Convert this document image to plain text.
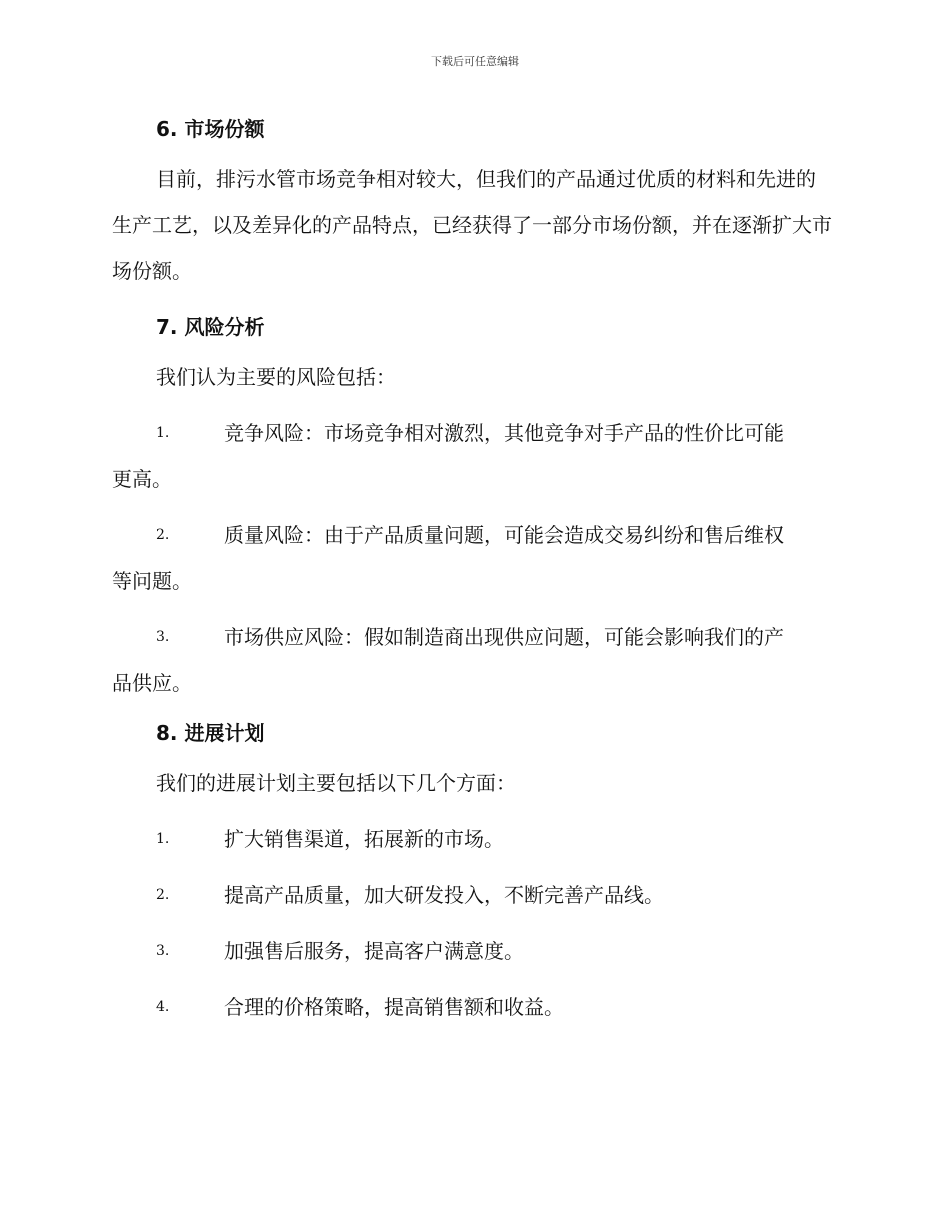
下载后可任意编辑
6. 市场份额

目前，排污水管市场竞争相对较大，但我们的产品通过优质的材料和先进的生产工艺，以及差异化的产品特点，已经获得了一部分市场份额，并在逐渐扩大市场份额。

7. 风险分析

我们认为主要的风险包括：

1.	竞争风险：市场竞争相对激烈，其他竞争对手产品的性价比可能
更高。
2.	质量风险：由于产品质量问题，可能会造成交易纠纷和售后维权
等问题。
3.	市场供应风险：假如制造商出现供应问题，可能会影响我们的产
品供应。
8. 进展计划

我们的进展计划主要包括以下几个方面：

1.	扩大销售渠道，拓展新的市场。
2.	提高产品质量，加大研发投入，不断完善产品线。
3.	加强售后服务，提高客户满意度。
4.	合理的价格策略，提高销售额和收益。
